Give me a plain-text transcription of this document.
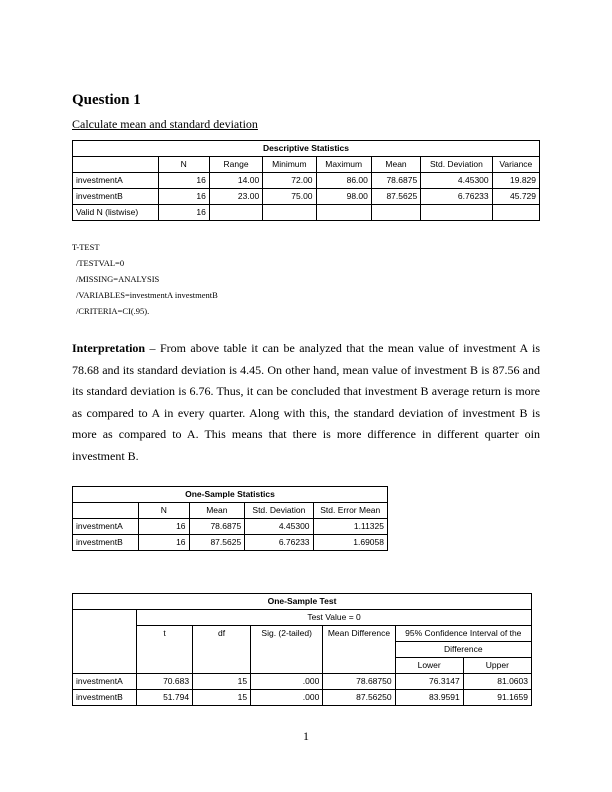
Question 1
Calculate mean and standard deviation
Descriptive Statistics							
	N	Range	Minimum	Maximum	Mean	Std. Deviation	Variance
investmentA	16	14.00	72.00	86.00	78.6875	4.45300	19.829
investmentB	16	23.00	75.00	98.00	87.5625	6.76233	45.729
Valid N (listwise)	16						
T-TEST
/TESTVAL=0
/MISSING=ANALYSIS
/VARIABLES=investmentA investmentB
/CRITERIA=CI(.95).
Interpretation – From above table it can be analyzed that the mean value of investment A is 78.68 and its standard deviation is 4.45. On other hand, mean value of investment B is 87.56 and its standard deviation is 6.76. Thus, it can be concluded that investment B average return is more as compared to A in every quarter. Along with this, the standard deviation of investment B is more as compared to A. This means that there is more difference in different quarter oin investment B.
One-Sample Statistics				
	N	Mean	Std. Deviation	Std. Error Mean
investmentA	16	78.6875	4.45300	1.11325
investmentB	16	87.5625	6.76233	1.69058
One-Sample Test						
	Test Value = 0					
	t	df	Sig. (2-tailed)	Mean Difference	95% Confidence Interval of the	
					Difference	
					Lower	Upper
investmentA	70.683	15	.000	78.68750	76.3147	81.0603
investmentB	51.794	15	.000	87.56250	83.9591	91.1659
1
